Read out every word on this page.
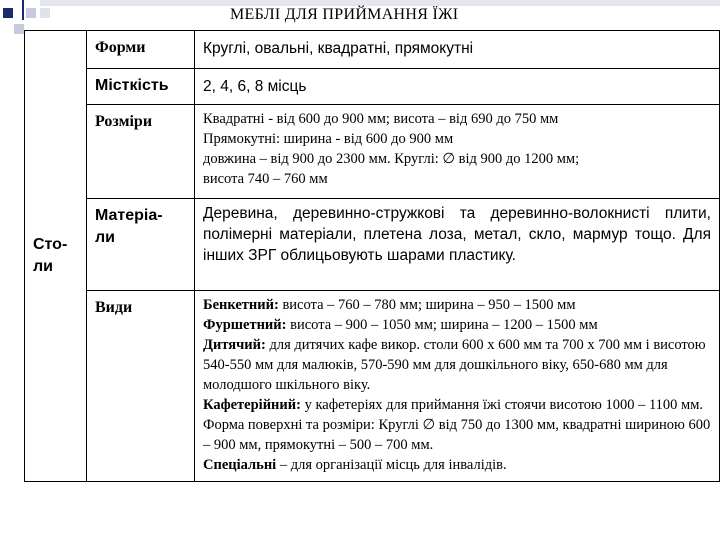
МЕБЛІ ДЛЯ ПРИЙМАННЯ ЇЖІ
Сто-
ли	Форми	Круглі, овальні, квадратні, прямокутні
	Місткість	2, 4, 6, 8 місць
	Розміри	Квадратні - від 600 до 900 мм; висота – від 690 до 750 мм

Прямокутні: ширина - від 600 до 900 мм

довжина – від 900 до 2300 мм. Круглі: ∅ від 900 до 1200 мм;

висота 740 – 760 мм

	Матеріа-
ли	Деревина, деревинно-стружкові та деревинно-волокнисті плити, полімерні матеріали, плетена лоза, метал, скло, мармур тощо. Для інших ЗРГ облицьовують шарами пластику.
	Види	Бенкетний: висота – 760 – 780 мм; ширина – 950 – 1500 мм

Фуршетний: висота – 900 – 1050 мм; ширина – 1200 – 1500 мм

Дитячий: для дитячих кафе викор. столи 600 х 600 мм та 700 х 700 мм і висотою 540-550 мм для малюків, 570-590 мм для дошкільного віку, 650-680 мм для молодшого шкільного віку.

Кафетерійний: у кафетеріях для приймання їжі стоячи висотою 1000 – 1100 мм. Форма поверхні та розміри: Круглі ∅ від 750 до 1300 мм, квадратні шириною 600 – 900 мм, прямокутні – 500 – 700 мм.

Спеціальні – для організації місць для інвалідів.
